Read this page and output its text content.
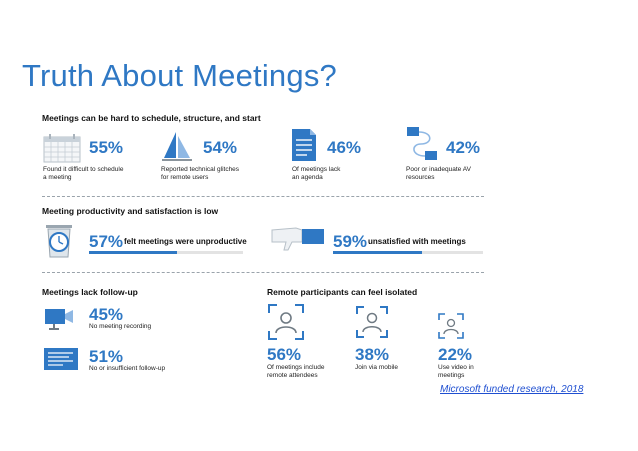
Truth About Meetings?
Meetings can be hard to schedule, structure, and start
55%
Found it difficult to schedule
a meeting
54%
Reported technical glitches
for remote users
46%
Of meetings lack
an agenda
42%
Poor or inadequate AV
resources
Meeting productivity and satisfaction is low
57% felt meetings were unproductive	59% unsatisfied with meetings
Meetings lack follow-up
45%
No meeting recording
51%
No or insufficient follow-up
Remote participants can feel isolated
56%
Of meetings include
remote attendees
38%
Join via mobile
22%
Use video in
meetings
Microsoft funded research, 2018
